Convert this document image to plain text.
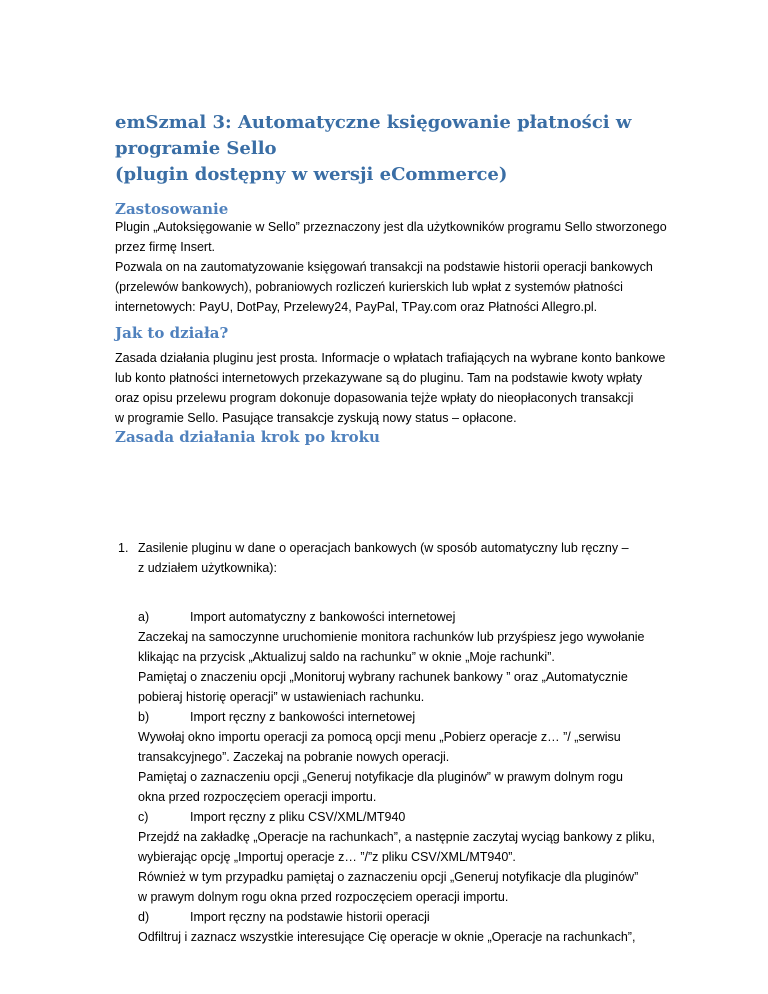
emSzmal 3: Automatyczne księgowanie płatności w programie Sello
(plugin dostępny w wersji eCommerce)
Zastosowanie
Plugin „Autoksięgowanie w Sello” przeznaczony jest dla użytkowników programu Sello stworzonego
przez firmę Insert.
Pozwala on na zautomatyzowanie księgowań transakcji na podstawie historii operacji bankowych
(przelewów bankowych), pobraniowych rozliczeń kurierskich lub wpłat z systemów płatności
internetowych: PayU, DotPay, Przelewy24, PayPal, TPay.com oraz Płatności Allegro.pl.
Jak to działa?
Zasada działania pluginu jest prosta. Informacje o wpłatach trafiających na wybrane konto bankowe
lub konto płatności internetowych przekazywane są do pluginu. Tam na podstawie kwoty wpłaty
oraz opisu przelewu program dokonuje dopasowania tejże wpłaty do nieopłaconych transakcji
w programie Sello. Pasujące transakcje zyskują nowy status – opłacone.
Zasada działania krok po kroku
1. Zasilenie pluginu w dane o operacjach bankowych (w sposób automatyczny lub ręczny –
z udziałem użytkownika):
a)	Import automatyczny z bankowości internetowej
Zaczekaj na samoczynne uruchomienie monitora rachunków lub przyśpiesz jego wywołanie
klikając na przycisk „Aktualizuj saldo na rachunku” w oknie „Moje rachunki”.
Pamiętaj o znaczeniu opcji „Monitoruj wybrany rachunek bankowy ” oraz „Automatycznie
pobieraj historię operacji” w ustawieniach rachunku.
b)	Import ręczny z bankowości internetowej
Wywołaj okno importu operacji za pomocą opcji menu „Pobierz operacje z… ”/ „serwisu
transakcyjnego”. Zaczekaj na pobranie nowych operacji.
Pamiętaj o zaznaczeniu opcji „Generuj notyfikacje dla pluginów” w prawym dolnym rogu
okna przed rozpoczęciem operacji importu.
c)	Import ręczny z pliku CSV/XML/MT940
Przejdź na zakładkę „Operacje na rachunkach”, a następnie zaczytaj wyciąg bankowy z pliku,
wybierając opcję „Importuj operacje z… ”/”z pliku CSV/XML/MT940”.
Również w tym przypadku pamiętaj o zaznaczeniu opcji „Generuj notyfikacje dla pluginów”
w prawym dolnym rogu okna przed rozpoczęciem operacji importu.
d)	Import ręczny na podstawie historii operacji
Odfiltruj i zaznacz wszystkie interesujące Cię operacje w oknie „Operacje na rachunkach”,
